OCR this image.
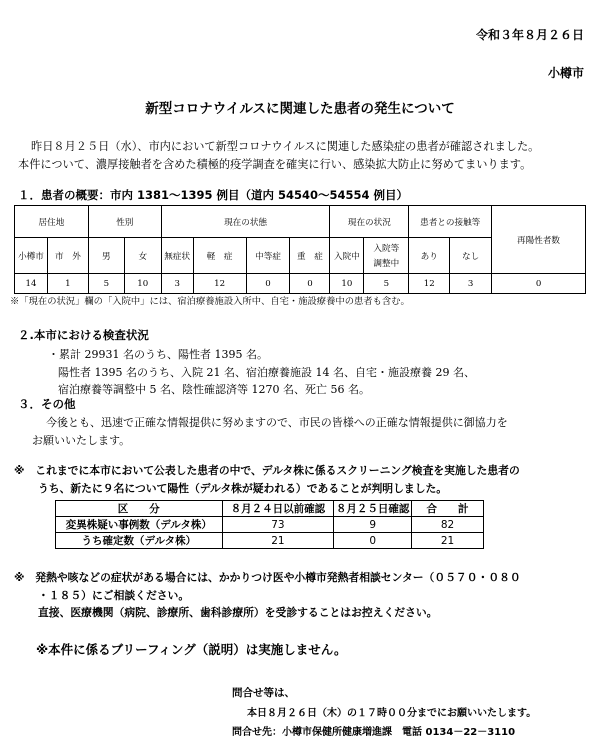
令和３年８月２６日
小樽市
新型コロナウイルスに関連した患者の発生について
昨日８月２５日（水）、市内において新型コロナウイルスに関連した感染症の患者が確認されました。
本件について、濃厚接触者を含めた積極的疫学調査を確実に行い、感染拡大防止に努めてまいります。
１．患者の概要：市内 1381～1395 例目（道内 54540～54554 例目）
居住地		性別		現在の状態				現在の状況		患者との接触等		再陽性者数
小樽市	市　外	男	女	無症状	軽　症	中等症	重　症	入院中	入院等
調整中	あり	なし	
14	1	5	10	3	12	0	0	10	5	12	3	0
※「現在の状況」欄の「入院中」には、宿泊療養施設入所中、自宅・施設療養中の患者も含む。
２.本市における検査状況
・累計 29931 名のうち、陽性者 1395 名。
陽性者 1395 名のうち、入院 21 名、宿泊療養施設 14 名、自宅・施設療養 29 名、
宿泊療養等調整中 5 名、陰性確認済等 1270 名、死亡 56 名。
３．その他
今後とも、迅速で正確な情報提供に努めますので、市民の皆様への正確な情報提供に御協力を
お願いいたします。
※　これまでに本市において公表した患者の中で、デルタ株に係るスクリーニング検査を実施した患者の
うち、新たに９名について陽性（デルタ株が疑われる）であることが判明しました。
区　　分	８月２４日以前確認	８月２５日確認	合　　計
変異株疑い事例数（デルタ株）	73	9	82
うち確定数（デルタ株）	21	0	21
※　発熱や咳などの症状がある場合には、かかりつけ医や小樽市発熱者相談センター（０５７０・０８０
・１８５）にご相談ください。
直接、医療機関（病院、診療所、歯科診療所）を受診することはお控えください。
※本件に係るブリーフィング（説明）は実施しません。
問合せ等は、
本日８月２６日（木）の１７時００分までにお願いいたします。
問合せ先：小樽市保健所健康増進課　電話 0134－22－3110
